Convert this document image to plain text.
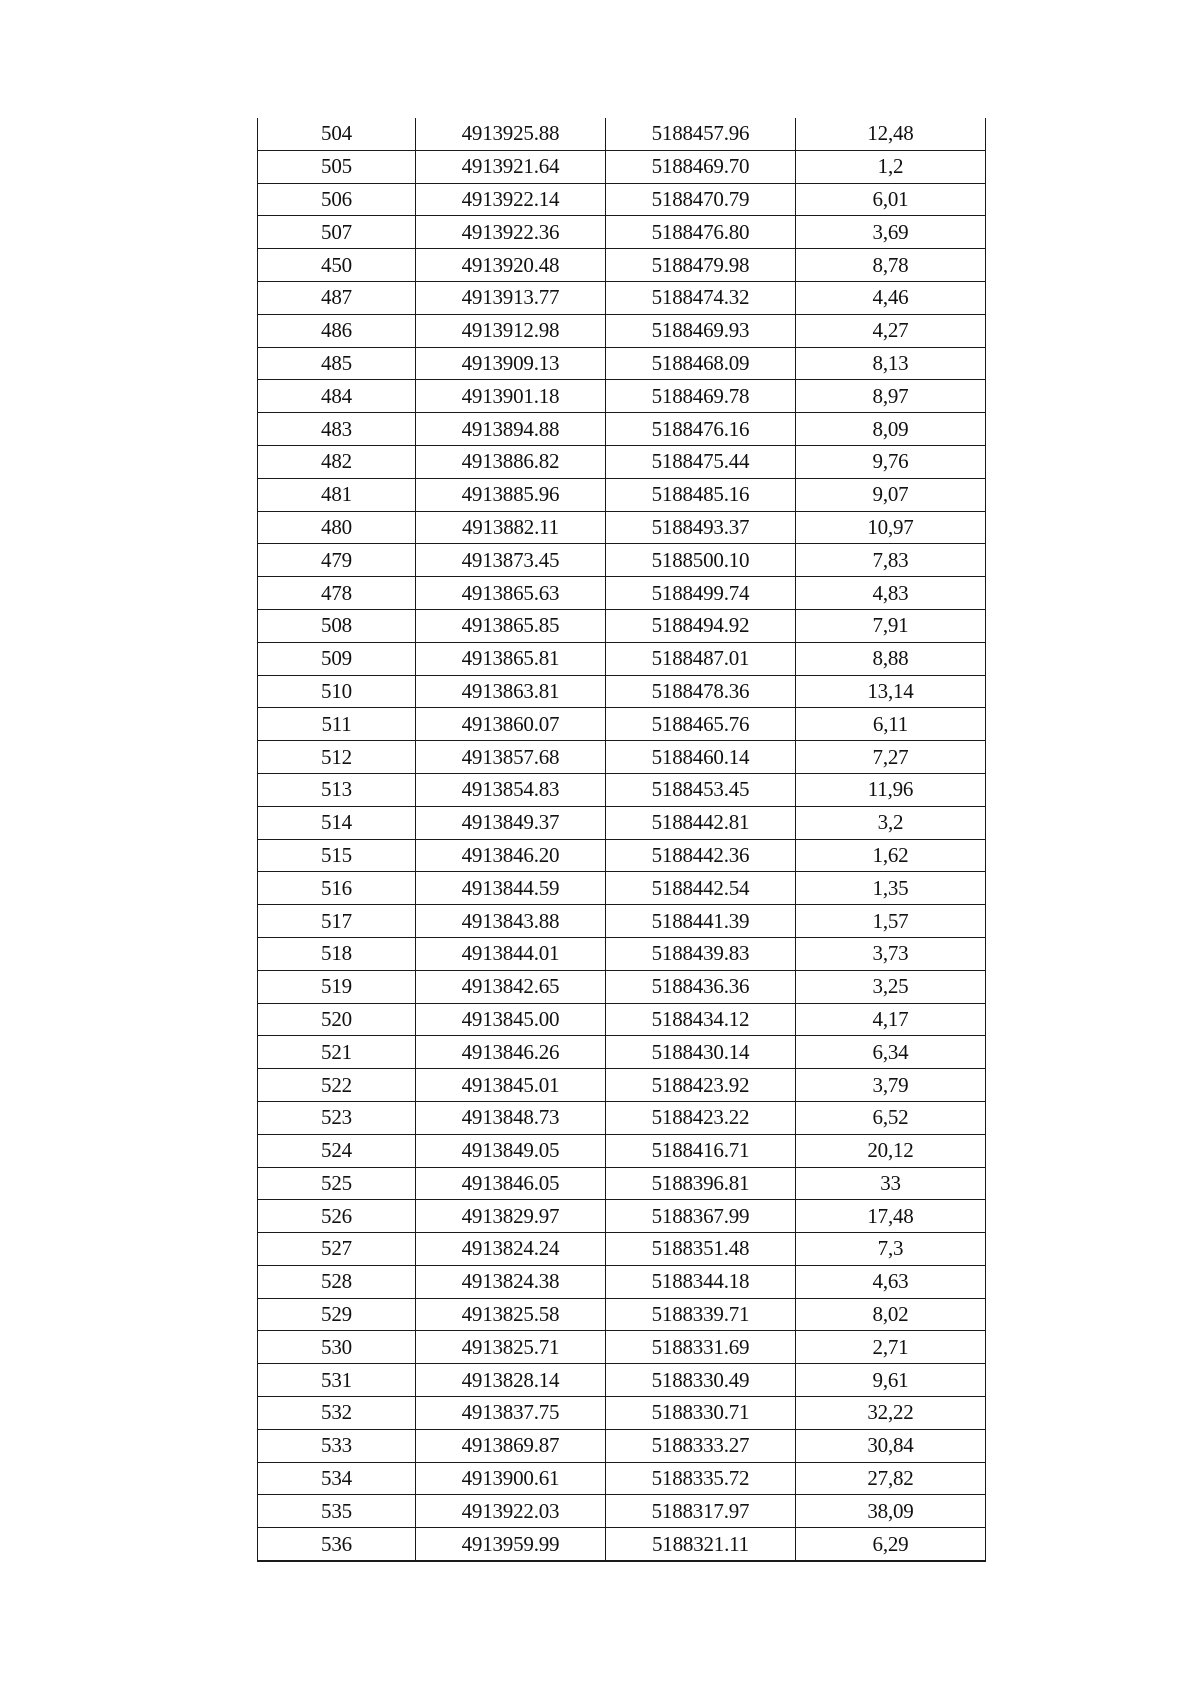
504	4913925.88	5188457.96	12,48
505	4913921.64	5188469.70	1,2
506	4913922.14	5188470.79	6,01
507	4913922.36	5188476.80	3,69
450	4913920.48	5188479.98	8,78
487	4913913.77	5188474.32	4,46
486	4913912.98	5188469.93	4,27
485	4913909.13	5188468.09	8,13
484	4913901.18	5188469.78	8,97
483	4913894.88	5188476.16	8,09
482	4913886.82	5188475.44	9,76
481	4913885.96	5188485.16	9,07
480	4913882.11	5188493.37	10,97
479	4913873.45	5188500.10	7,83
478	4913865.63	5188499.74	4,83
508	4913865.85	5188494.92	7,91
509	4913865.81	5188487.01	8,88
510	4913863.81	5188478.36	13,14
511	4913860.07	5188465.76	6,11
512	4913857.68	5188460.14	7,27
513	4913854.83	5188453.45	11,96
514	4913849.37	5188442.81	3,2
515	4913846.20	5188442.36	1,62
516	4913844.59	5188442.54	1,35
517	4913843.88	5188441.39	1,57
518	4913844.01	5188439.83	3,73
519	4913842.65	5188436.36	3,25
520	4913845.00	5188434.12	4,17
521	4913846.26	5188430.14	6,34
522	4913845.01	5188423.92	3,79
523	4913848.73	5188423.22	6,52
524	4913849.05	5188416.71	20,12
525	4913846.05	5188396.81	33
526	4913829.97	5188367.99	17,48
527	4913824.24	5188351.48	7,3
528	4913824.38	5188344.18	4,63
529	4913825.58	5188339.71	8,02
530	4913825.71	5188331.69	2,71
531	4913828.14	5188330.49	9,61
532	4913837.75	5188330.71	32,22
533	4913869.87	5188333.27	30,84
534	4913900.61	5188335.72	27,82
535	4913922.03	5188317.97	38,09
536	4913959.99	5188321.11	6,29
